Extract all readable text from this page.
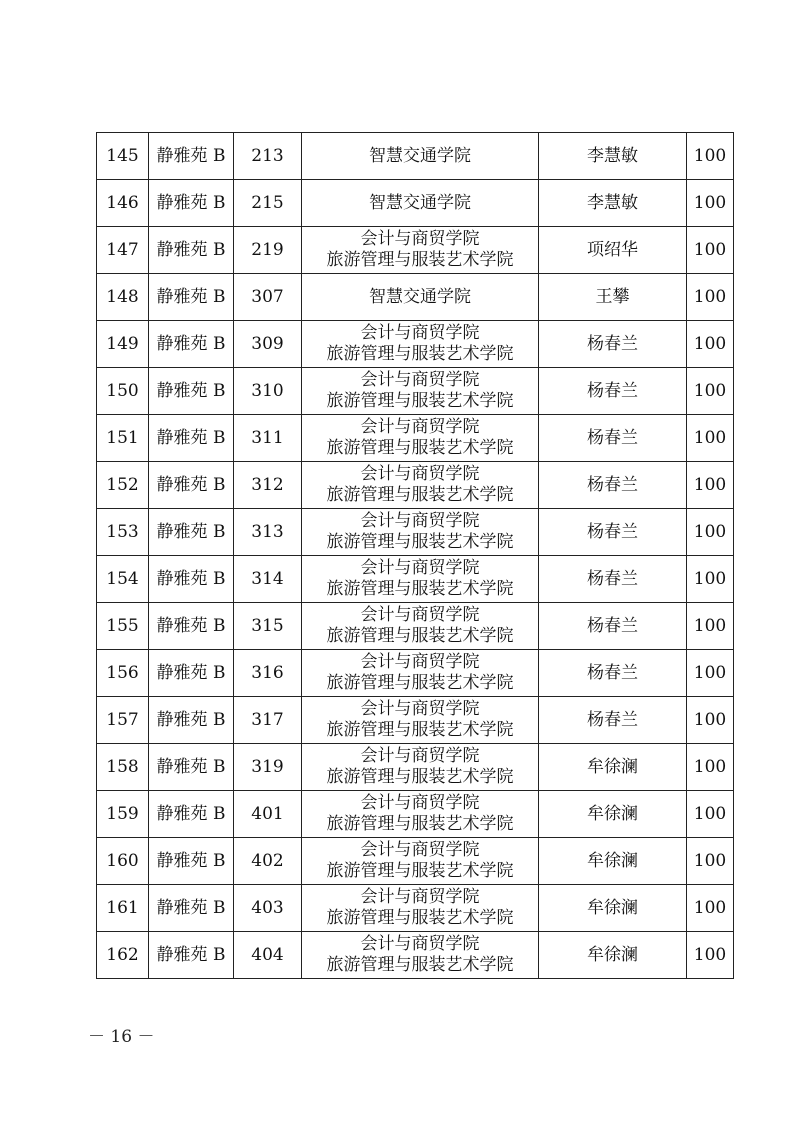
145	静雅苑 B	213	智慧交通学院	李慧敏	100
146	静雅苑 B	215	智慧交通学院	李慧敏	100
147	静雅苑 B	219	会计与商贸学院
旅游管理与服装艺术学院	项绍华	100
148	静雅苑 B	307	智慧交通学院	王攀	100
149	静雅苑 B	309	会计与商贸学院
旅游管理与服装艺术学院	杨春兰	100
150	静雅苑 B	310	会计与商贸学院
旅游管理与服装艺术学院	杨春兰	100
151	静雅苑 B	311	会计与商贸学院
旅游管理与服装艺术学院	杨春兰	100
152	静雅苑 B	312	会计与商贸学院
旅游管理与服装艺术学院	杨春兰	100
153	静雅苑 B	313	会计与商贸学院
旅游管理与服装艺术学院	杨春兰	100
154	静雅苑 B	314	会计与商贸学院
旅游管理与服装艺术学院	杨春兰	100
155	静雅苑 B	315	会计与商贸学院
旅游管理与服装艺术学院	杨春兰	100
156	静雅苑 B	316	会计与商贸学院
旅游管理与服装艺术学院	杨春兰	100
157	静雅苑 B	317	会计与商贸学院
旅游管理与服装艺术学院	杨春兰	100
158	静雅苑 B	319	会计与商贸学院
旅游管理与服装艺术学院	牟徐澜	100
159	静雅苑 B	401	会计与商贸学院
旅游管理与服装艺术学院	牟徐澜	100
160	静雅苑 B	402	会计与商贸学院
旅游管理与服装艺术学院	牟徐澜	100
161	静雅苑 B	403	会计与商贸学院
旅游管理与服装艺术学院	牟徐澜	100
162	静雅苑 B	404	会计与商贸学院
旅游管理与服装艺术学院	牟徐澜	100
－ 16 －
